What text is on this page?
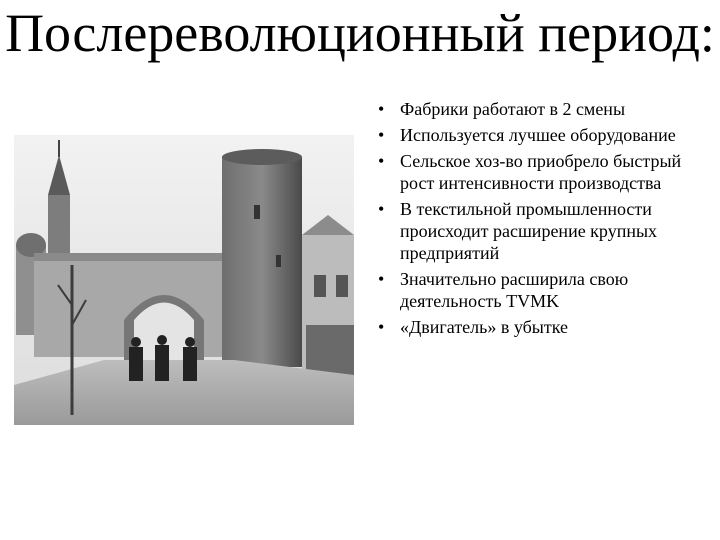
Послереволюционный период:
• Фабрики работают в 2 смены
• Используется лучшее оборудование
• Сельское хоз-во приобрело быстрый рост интенсивности производства
• В текстильной промышленности происходит расширение крупных предприятий
• Значительно расширила свою деятельность TVMK
• «Двигатель» в убытке
